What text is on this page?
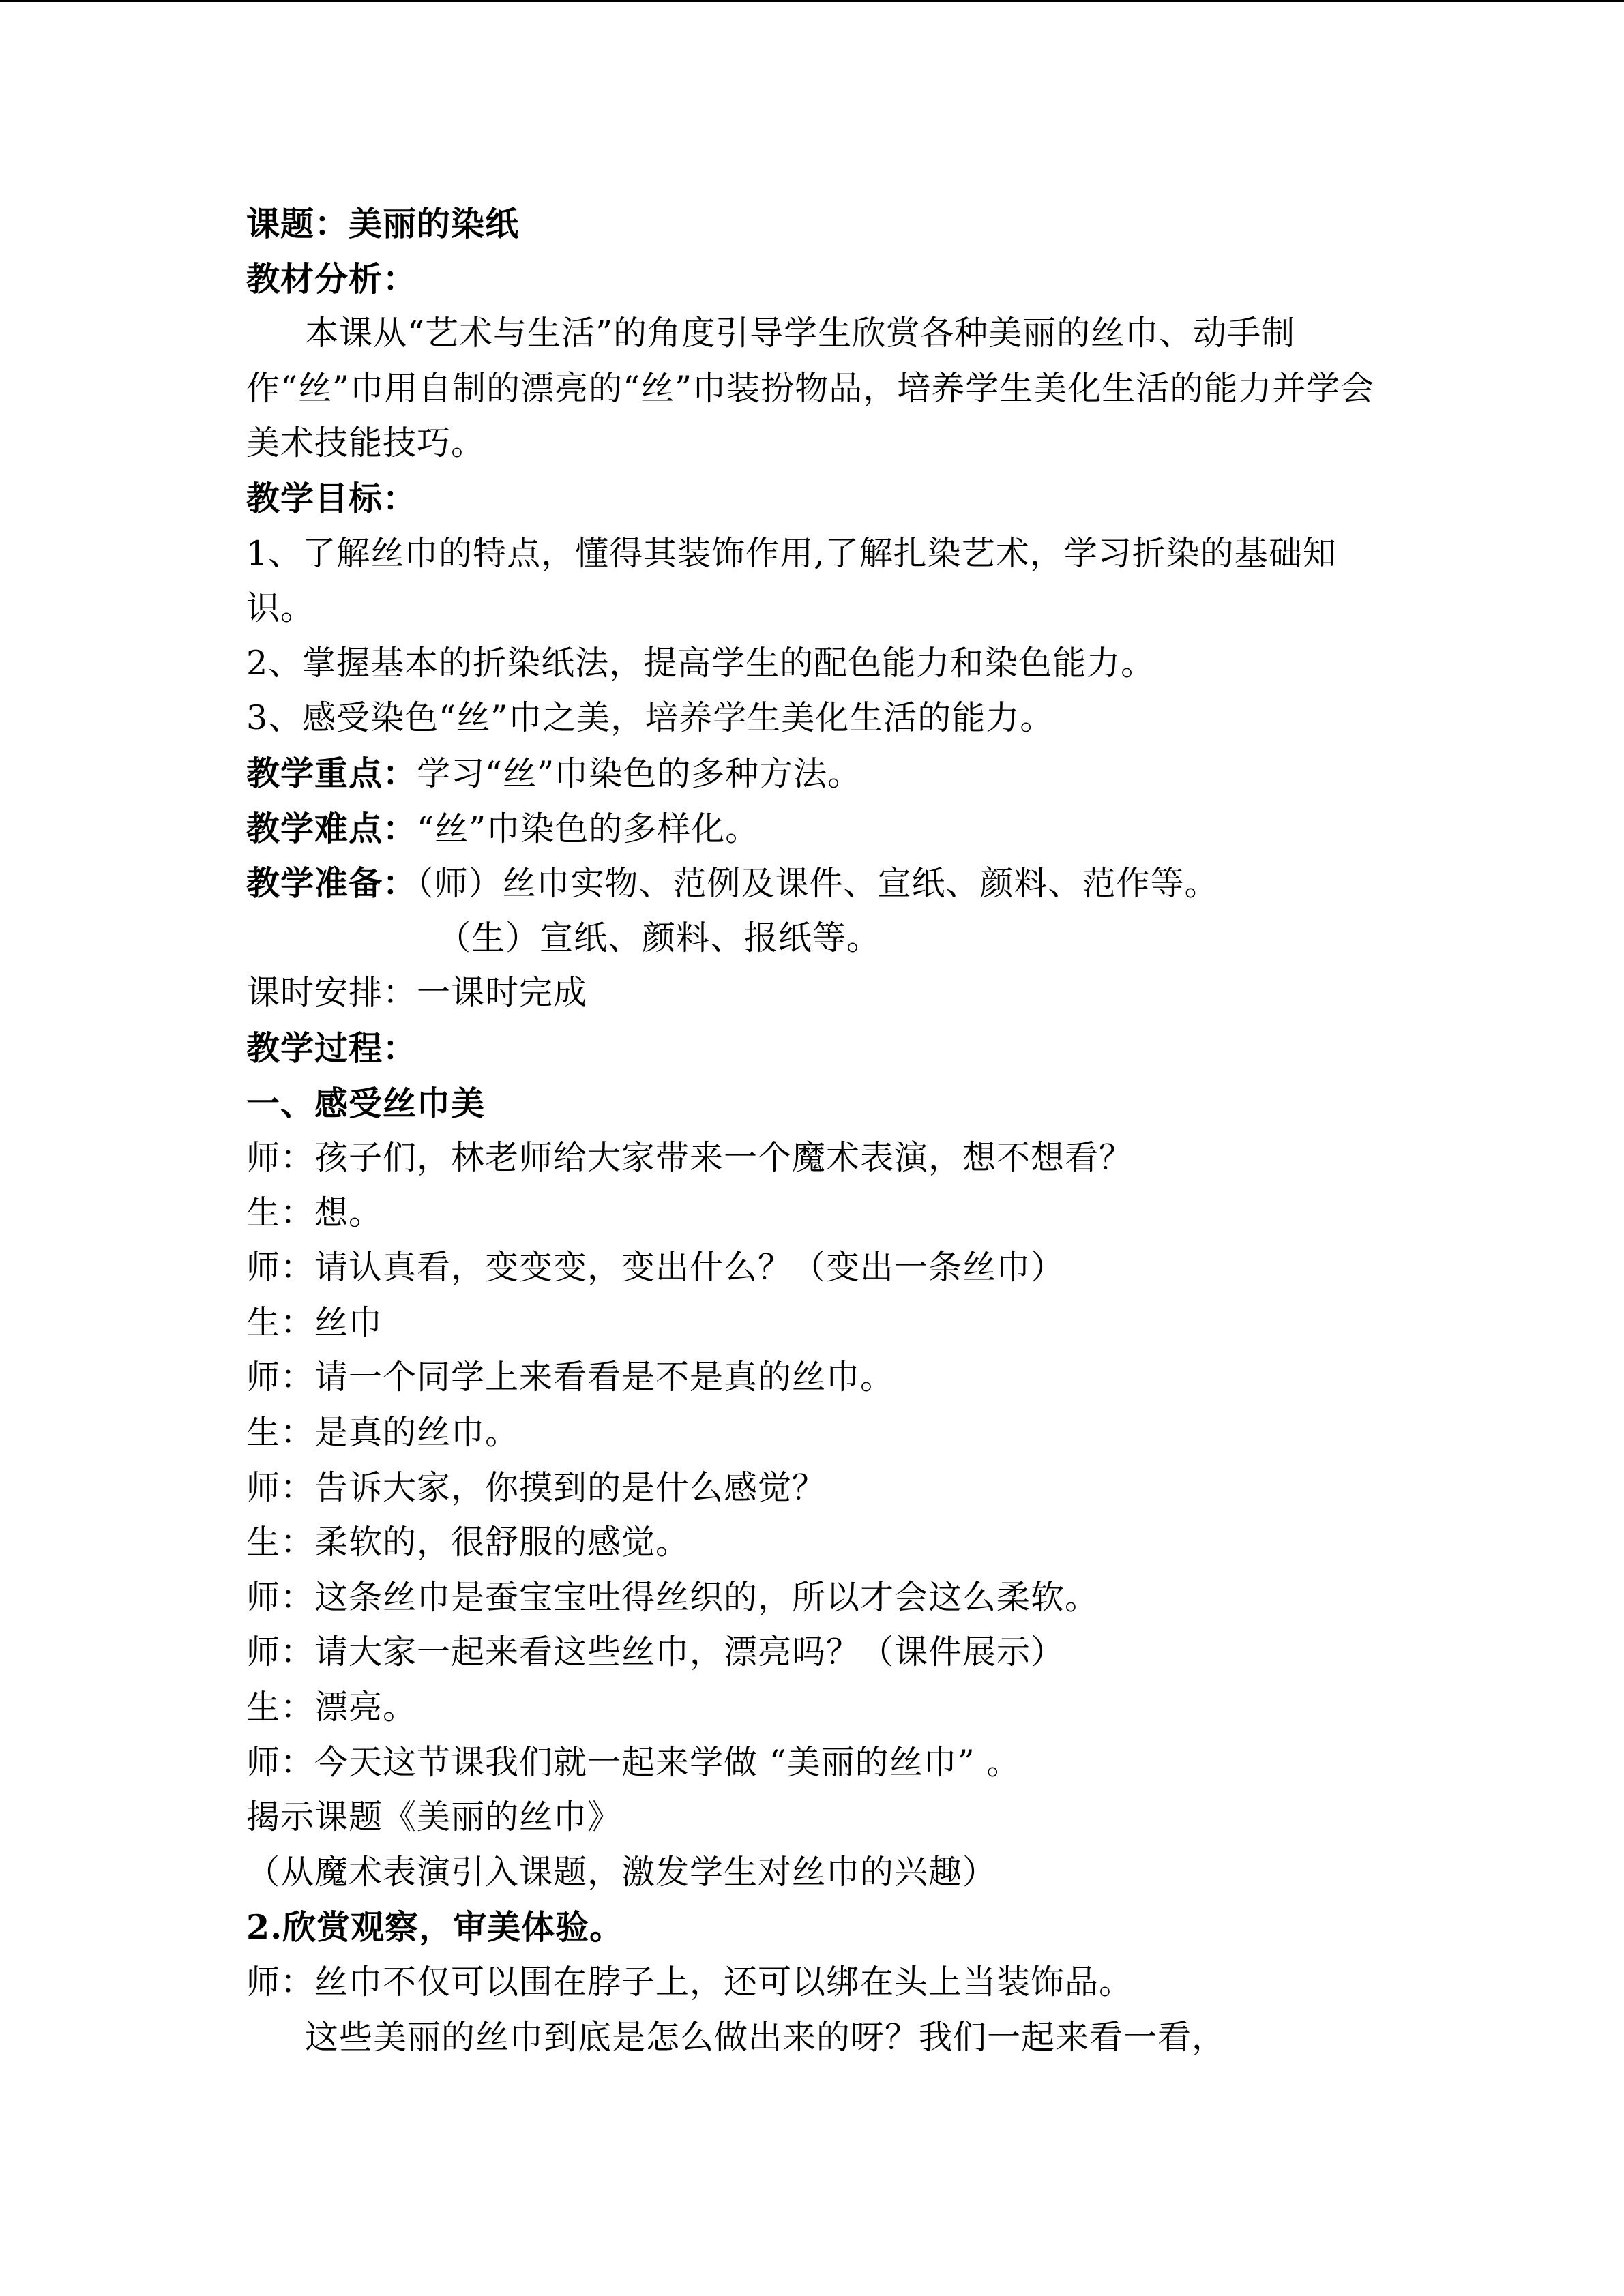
课题：美丽的染纸
教材分析：
本课从“艺术与生活”的角度引导学生欣赏各种美丽的丝巾、动手制作“丝”巾用自制的漂亮的“丝”巾装扮物品，培养学生美化生活的能力并学会美术技能技巧。
教学目标：
1、了解丝巾的特点，懂得其装饰作用,了解扎染艺术，学习折染的基础知识。
2、掌握基本的折染纸法，提高学生的配色能力和染色能力。
3、感受染色“丝”巾之美，培养学生美化生活的能力。
教学重点：学习“丝”巾染色的多种方法。
教学难点：“丝”巾染色的多样化。
教学准备：（师）丝巾实物、范例及课件、宣纸、颜料、范作等。
（生）宣纸、颜料、报纸等。
课时安排：一课时完成
教学过程：
一、感受丝巾美
师：孩子们，林老师给大家带来一个魔术表演，想不想看？
生：想。
师：请认真看，变变变，变出什么？（变出一条丝巾）
生：丝巾
师：请一个同学上来看看是不是真的丝巾。
生：是真的丝巾。
师：告诉大家，你摸到的是什么感觉？
生：柔软的，很舒服的感觉。
师：这条丝巾是蚕宝宝吐得丝织的，所以才会这么柔软。
师：请大家一起来看这些丝巾，漂亮吗？（课件展示）
生：漂亮。
师：今天这节课我们就一起来学做 “美丽的丝巾” 。
揭示课题《美丽的丝巾》
（从魔术表演引入课题，激发学生对丝巾的兴趣）
2.欣赏观察，审美体验。
师：丝巾不仅可以围在脖子上，还可以绑在头上当装饰品。
这些美丽的丝巾到底是怎么做出来的呀？我们一起来看一看，
